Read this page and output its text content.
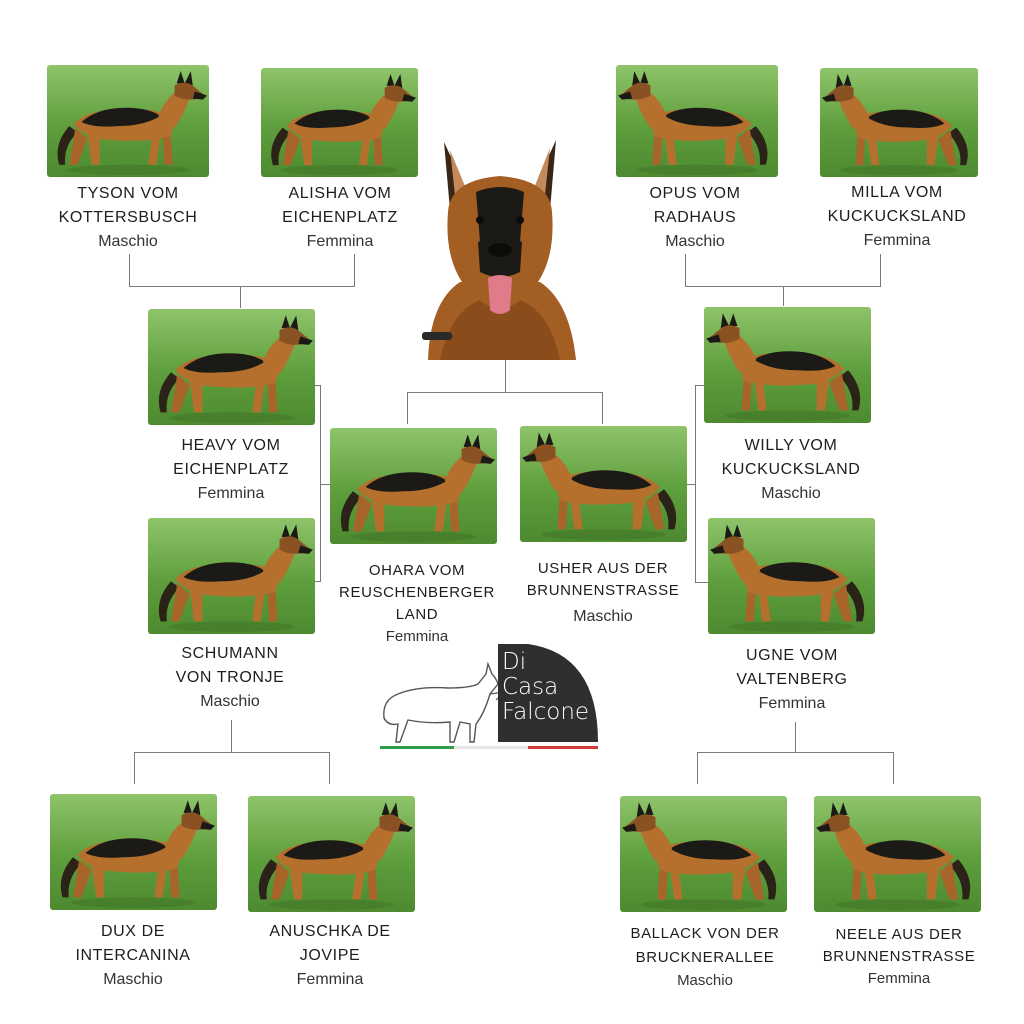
TYSON VOM
KOTTERSBUSCH
Maschio
ALISHA VOM
EICHENPLATZ
Femmina
OPUS VOM
RADHAUS
Maschio
MILLA VOM
KUCKUCKSLAND
Femmina
HEAVY VOM
EICHENPLATZ
Femmina
WILLY VOM
KUCKUCKSLAND
Maschio
OHARA VOM
REUSCHENBERGER
LAND
Femmina
USHER AUS DER
BRUNNENSTRASSE
Maschio
SCHUMANN
VON TRONJE
Maschio
UGNE VOM
VALTENBERG
Femmina
DUX DE
INTERCANINA
Maschio
ANUSCHKA DE
JOVIPE
Femmina
BALLACK VON DER
BRUCKNERALLEE
Maschio
NEELE AUS DER
BRUNNENSTRASSE
Femmina
Di
Casa
Falcone
